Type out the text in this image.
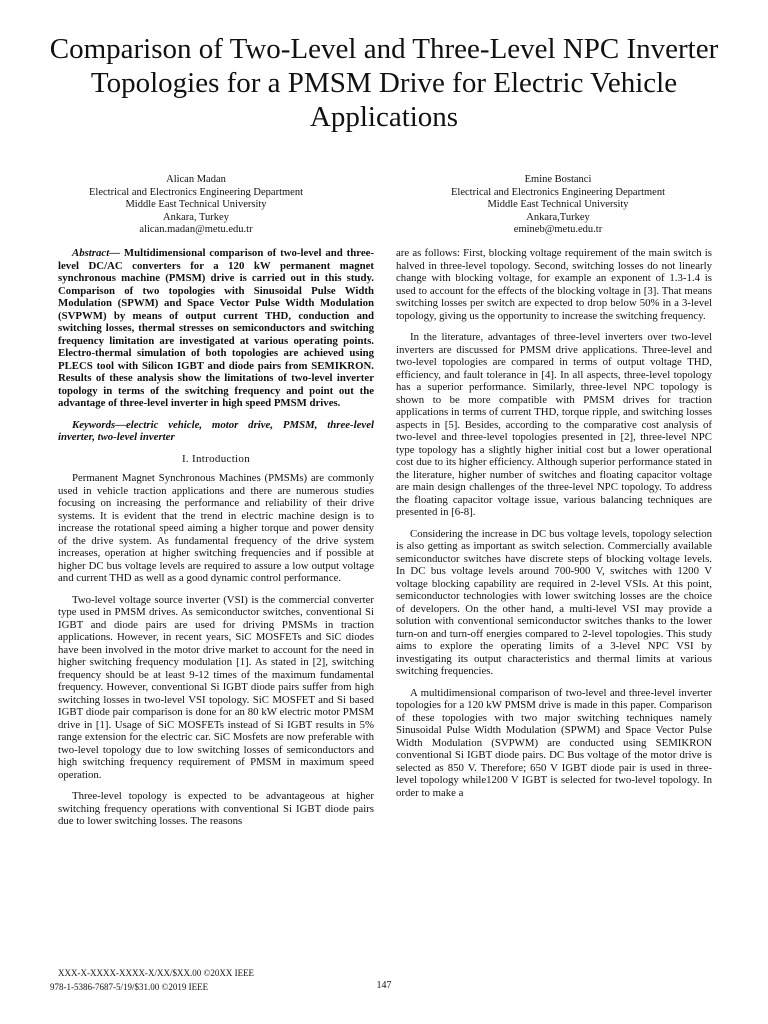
Comparison of Two-Level and Three-Level NPC Inverter Topologies for a PMSM Drive for Electric Vehicle Applications
Alican Madan
Electrical and Electronics Engineering Department
Middle East Technical University
Ankara, Turkey
alican.madan@metu.edu.tr
Emine Bostanci
Electrical and Electronics Engineering Department
Middle East Technical University
Ankara,Turkey
emineb@metu.edu.tr

Abstract— Multidimensional comparison of two-level and three-level DC/AC converters for a 120 kW permanent magnet synchronous machine (PMSM) drive is carried out in this study. Comparison of two topologies with Sinusoidal Pulse Width Modulation (SPWM) and Space Vector Pulse Width Modulation (SVPWM) by means of output current THD, conduction and switching losses, thermal stresses on semiconductors and switching frequency limitation are investigated at various operating points. Electro-thermal simulation of both topologies are achieved using PLECS tool with Silicon IGBT and diode pairs from SEMIKRON. Results of these analysis show the limitations of two-level inverter topology in terms of the switching frequency and point out the advantage of three-level inverter in high speed PMSM drives.

Keywords—electric vehicle, motor drive, PMSM, three-level inverter, two-level inverter

I. Introduction

Permanent Magnet Synchronous Machines (PMSMs) are commonly used in vehicle traction applications and there are numerous studies focusing on increasing the performance and reliability of their drive systems. It is evident that the trend in electric machine design is to increase the rotational speed aiming a higher torque and power density of the drive system. As fundamental frequency of the drive system increases, operation at higher switching frequencies and if possible at higher DC bus voltage levels are required to assure a low output voltage and current THD as well as a good dynamic control performance.

Two-level voltage source inverter (VSI) is the commercial converter type used in PMSM drives. As semiconductor switches, conventional Si IGBT and diode pairs are used for driving PMSMs in traction applications. However, in recent years, SiC MOSFETs and SiC diodes have been involved in the motor drive market to account for the need in higher switching frequency modulation [1]. As stated in [2], switching frequency should be at least 9-12 times of the maximum fundamental frequency. However, conventional Si IGBT diode pairs suffer from high switching losses in two-level VSI topology. SiC MOSFET and Si based IGBT diode pair comparison is done for an 80 kW electric motor PMSM drive in [1]. Usage of SiC MOSFETs instead of Si IGBT results in 5% range extension for the electric car. SiC Mosfets are now preferable with two-level topology due to low switching losses of semiconductors and high switching frequency requirement of PMSM in maximum speed operation.

Three-level topology is expected to be advantageous at higher switching frequency operations with conventional Si IGBT diode pairs due to lower switching losses. The reasons

are as follows: First, blocking voltage requirement of the main switch is halved in three-level topology. Second, switching losses do not linearly change with blocking voltage, for example an exponent of 1.3-1.4 is used to account for the effects of the blocking voltage in [3]. That means switching losses per switch are expected to drop below 50% in a 3-level topology, giving us the opportunity to increase the switching frequency.

In the literature, advantages of three-level inverters over two-level inverters are discussed for PMSM drive applications. Three-level and two-level topologies are compared in terms of output voltage THD, efficiency, and fault tolerance in [4]. In all aspects, three-level topology has a superior performance. Similarly, three-level NPC topology is shown to be more compatible with PMSM drives for traction applications in terms of current THD, torque ripple, and switching losses aspects in [5]. Besides, according to the comparative cost analysis of two-level and three-level topologies presented in [2], three-level NPC type topology has a slightly higher initial cost but a lower operational cost due to its higher efficiency. Although superior performance stated in the literature, higher number of switches and floating capacitor voltage are main design challenges of the three-level NPC topology. To address the floating capacitor voltage issue, various balancing techniques are presented in [6-8].

Considering the increase in DC bus voltage levels, topology selection is also getting as important as switch selection. Commercially available semiconductor switches have discrete steps of blocking voltage levels. In DC bus voltage levels around 700-900 V, switches with 1200 V voltage blocking capability are required in 2-level VSIs. At this point, semiconductor technologies with lower switching losses are the choice of developers. On the other hand, a multi-level VSI may provide a solution with conventional semiconductor switches thanks to the lower turn-on and turn-off energies compared to 2-level topologies. This study aims to explore the operating limits of a 3-level NPC VSI by investigating its output characteristics and thermal limits at various switching frequencies.

A multidimensional comparison of two-level and three-level inverter topologies for a 120 kW PMSM drive is made in this paper. Comparison of these topologies with two major switching techniques namely Sinusoidal Pulse Width Modulation (SPWM) and Space Vector Pulse Width Modulation (SVPWM) are conducted using SEMIKRON conventional Si IGBT diode pairs. DC Bus voltage of the motor drive is selected as 850 V. Therefore; 650 V IGBT diode pair is used in three-level topology while1200 V IGBT is selected for two-level topology. In order to make a

XXX-X-XXXX-XXXX-X/XX/$XX.00 ©20XX IEEE
978-1-5386-7687-5/19/$31.00 ©2019 IEEE	147
